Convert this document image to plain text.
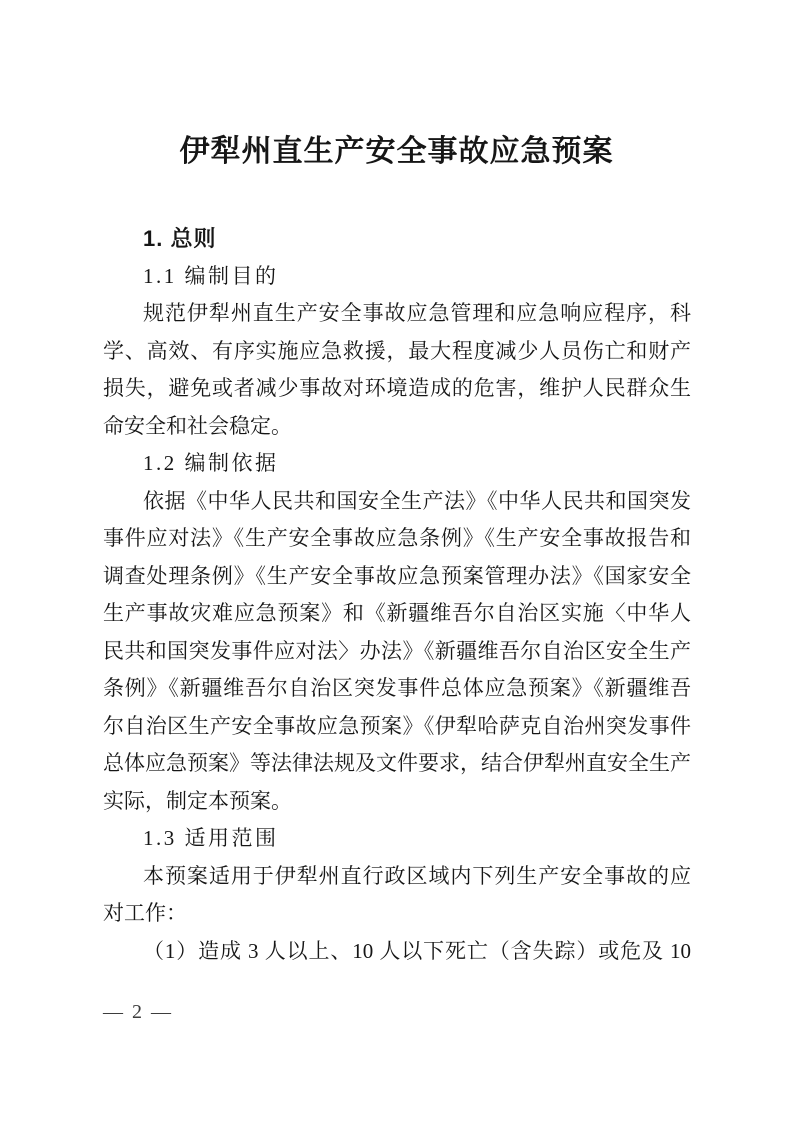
伊犁州直生产安全事故应急预案
1. 总则
1.1 编制目的
规范伊犁州直生产安全事故应急管理和应急响应程序，科
学、高效、有序实施应急救援，最大程度减少人员伤亡和财产
损失，避免或者减少事故对环境造成的危害，维护人民群众生
命安全和社会稳定。
1.2 编制依据
依据《中华人民共和国安全生产法》《中华人民共和国突发
事件应对法》《生产安全事故应急条例》《生产安全事故报告和
调查处理条例》《生产安全事故应急预案管理办法》《国家安全
生产事故灾难应急预案》和《新疆维吾尔自治区实施〈中华人
民共和国突发事件应对法〉办法》《新疆维吾尔自治区安全生产
条例》《新疆维吾尔自治区突发事件总体应急预案》《新疆维吾
尔自治区生产安全事故应急预案》《伊犁哈萨克自治州突发事件
总体应急预案》等法律法规及文件要求，结合伊犁州直安全生产
实际，制定本预案。
1.3 适用范围
本预案适用于伊犁州直行政区域内下列生产安全事故的应
对工作：
（1）造成 3 人以上、10 人以下死亡（含失踪）或危及 10
— 2 —
